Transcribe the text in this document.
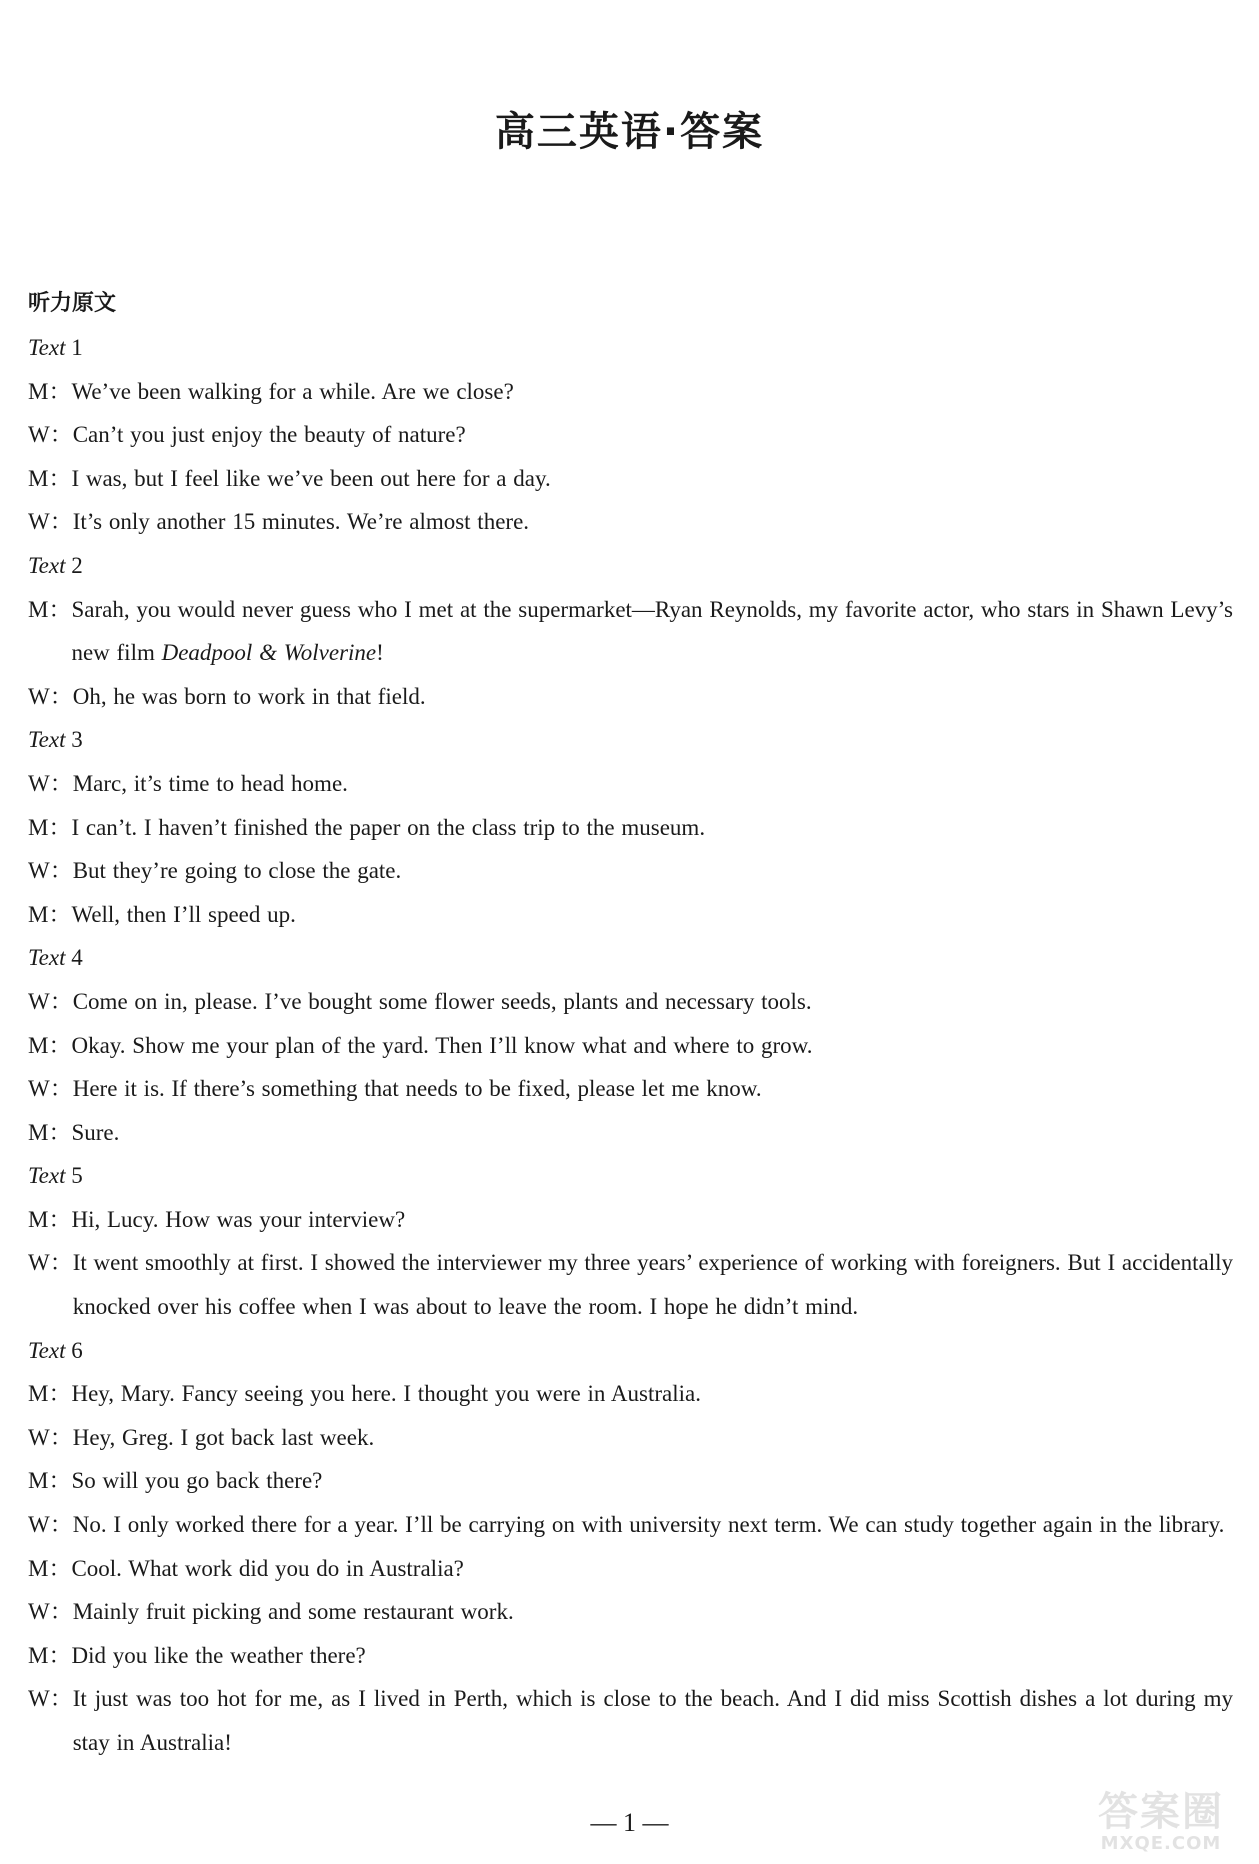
高三英语·答案
听力原文
Text 1
M： We’ve been walking for a while. Are we close?
W： Can’t you just enjoy the beauty of nature?
M： I was, but I feel like we’ve been out here for a day.
W： It’s only another 15 minutes. We’re almost there.
Text 2
M： Sarah, you would never guess who I met at the supermarket—Ryan Reynolds, my favorite actor, who stars in Shawn Levy’s new film Deadpool & Wolverine!
W： Oh, he was born to work in that field.
Text 3
W： Marc, it’s time to head home.
M： I can’t. I haven’t finished the paper on the class trip to the museum.
W： But they’re going to close the gate.
M： Well, then I’ll speed up.
Text 4
W： Come on in, please. I’ve bought some flower seeds, plants and necessary tools.
M： Okay. Show me your plan of the yard. Then I’ll know what and where to grow.
W： Here it is. If there’s something that needs to be fixed, please let me know.
M： Sure.
Text 5
M： Hi, Lucy. How was your interview?
W： It went smoothly at first. I showed the interviewer my three years’ experience of working with foreigners. But I accidentally knocked over his coffee when I was about to leave the room. I hope he didn’t mind.
Text 6
M： Hey, Mary. Fancy seeing you here. I thought you were in Australia.
W： Hey, Greg. I got back last week.
M： So will you go back there?
W： No. I only worked there for a year. I’ll be carrying on with university next term. We can study together again in the library.
M： Cool. What work did you do in Australia?
W： Mainly fruit picking and some restaurant work.
M： Did you like the weather there?
W： It just was too hot for me, as I lived in Perth, which is close to the beach. And I did miss Scottish dishes a lot during my stay in Australia!
— 1 —	答案圈
MXQE.COM
